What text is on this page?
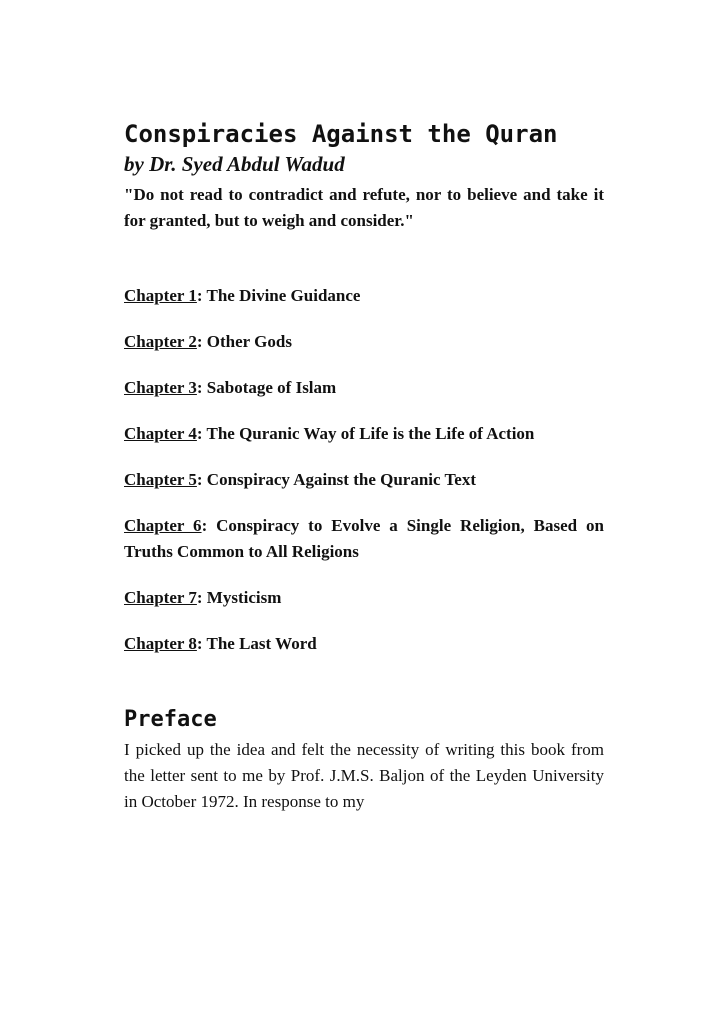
Conspiracies Against the Quran

by Dr. Syed Abdul Wadud

"Do not read to contradict and refute, nor to believe and take it for granted, but to weigh and consider."

Chapter 1: The Divine Guidance
Chapter 2: Other Gods
Chapter 3: Sabotage of Islam
Chapter 4: The Quranic Way of Life is the Life of Action
Chapter 5: Conspiracy Against the Quranic Text
Chapter 6: Conspiracy to Evolve a Single Religion, Based on Truths Common to All Religions
Chapter 7: Mysticism
Chapter 8: The Last Word
Preface

I picked up the idea and felt the necessity of writing this book from the letter sent to me by Prof. J.M.S. Baljon of the Leyden University in October 1972. In response to my
